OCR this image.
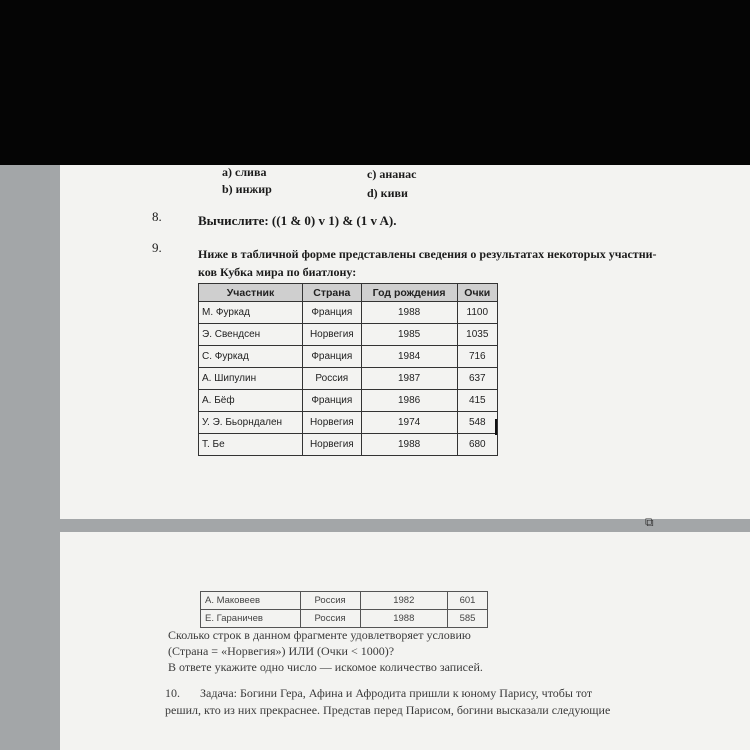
a) слива	c) ананас
b) инжир	d) киви
8.	Вычислите: ((1 & 0) v 1) & (1 v A).
9.	Ниже в табличной форме представлены сведения о результатах некоторых участни-
ков Кубка мира по биатлону:
Участник	Страна	Год рождения	Очки
М. Фуркад	Франция	1988	1100
Э. Свендсен	Норвегия	1985	1035
С. Фуркад	Франция	1984	716
А. Шипулин	Россия	1987	637
А. Бёф	Франция	1986	415
У. Э. Бьорндален	Норвегия	1974	548
Т. Бе	Норвегия	1988	680
⧉
А. Маковеев	Россия	1982	601
Е. Гараничев	Россия	1988	585
Сколько строк в данном фрагменте удовлетворяет условию
(Страна = «Норвегия») ИЛИ (Очки < 1000)?
В ответе укажите одно число — искомое количество записей.
10. Задача: Богини Гера, Афина и Афродита пришли к юному Парису, чтобы тот
решил, кто из них прекраснее. Представ перед Парисом, богини высказали следующие
